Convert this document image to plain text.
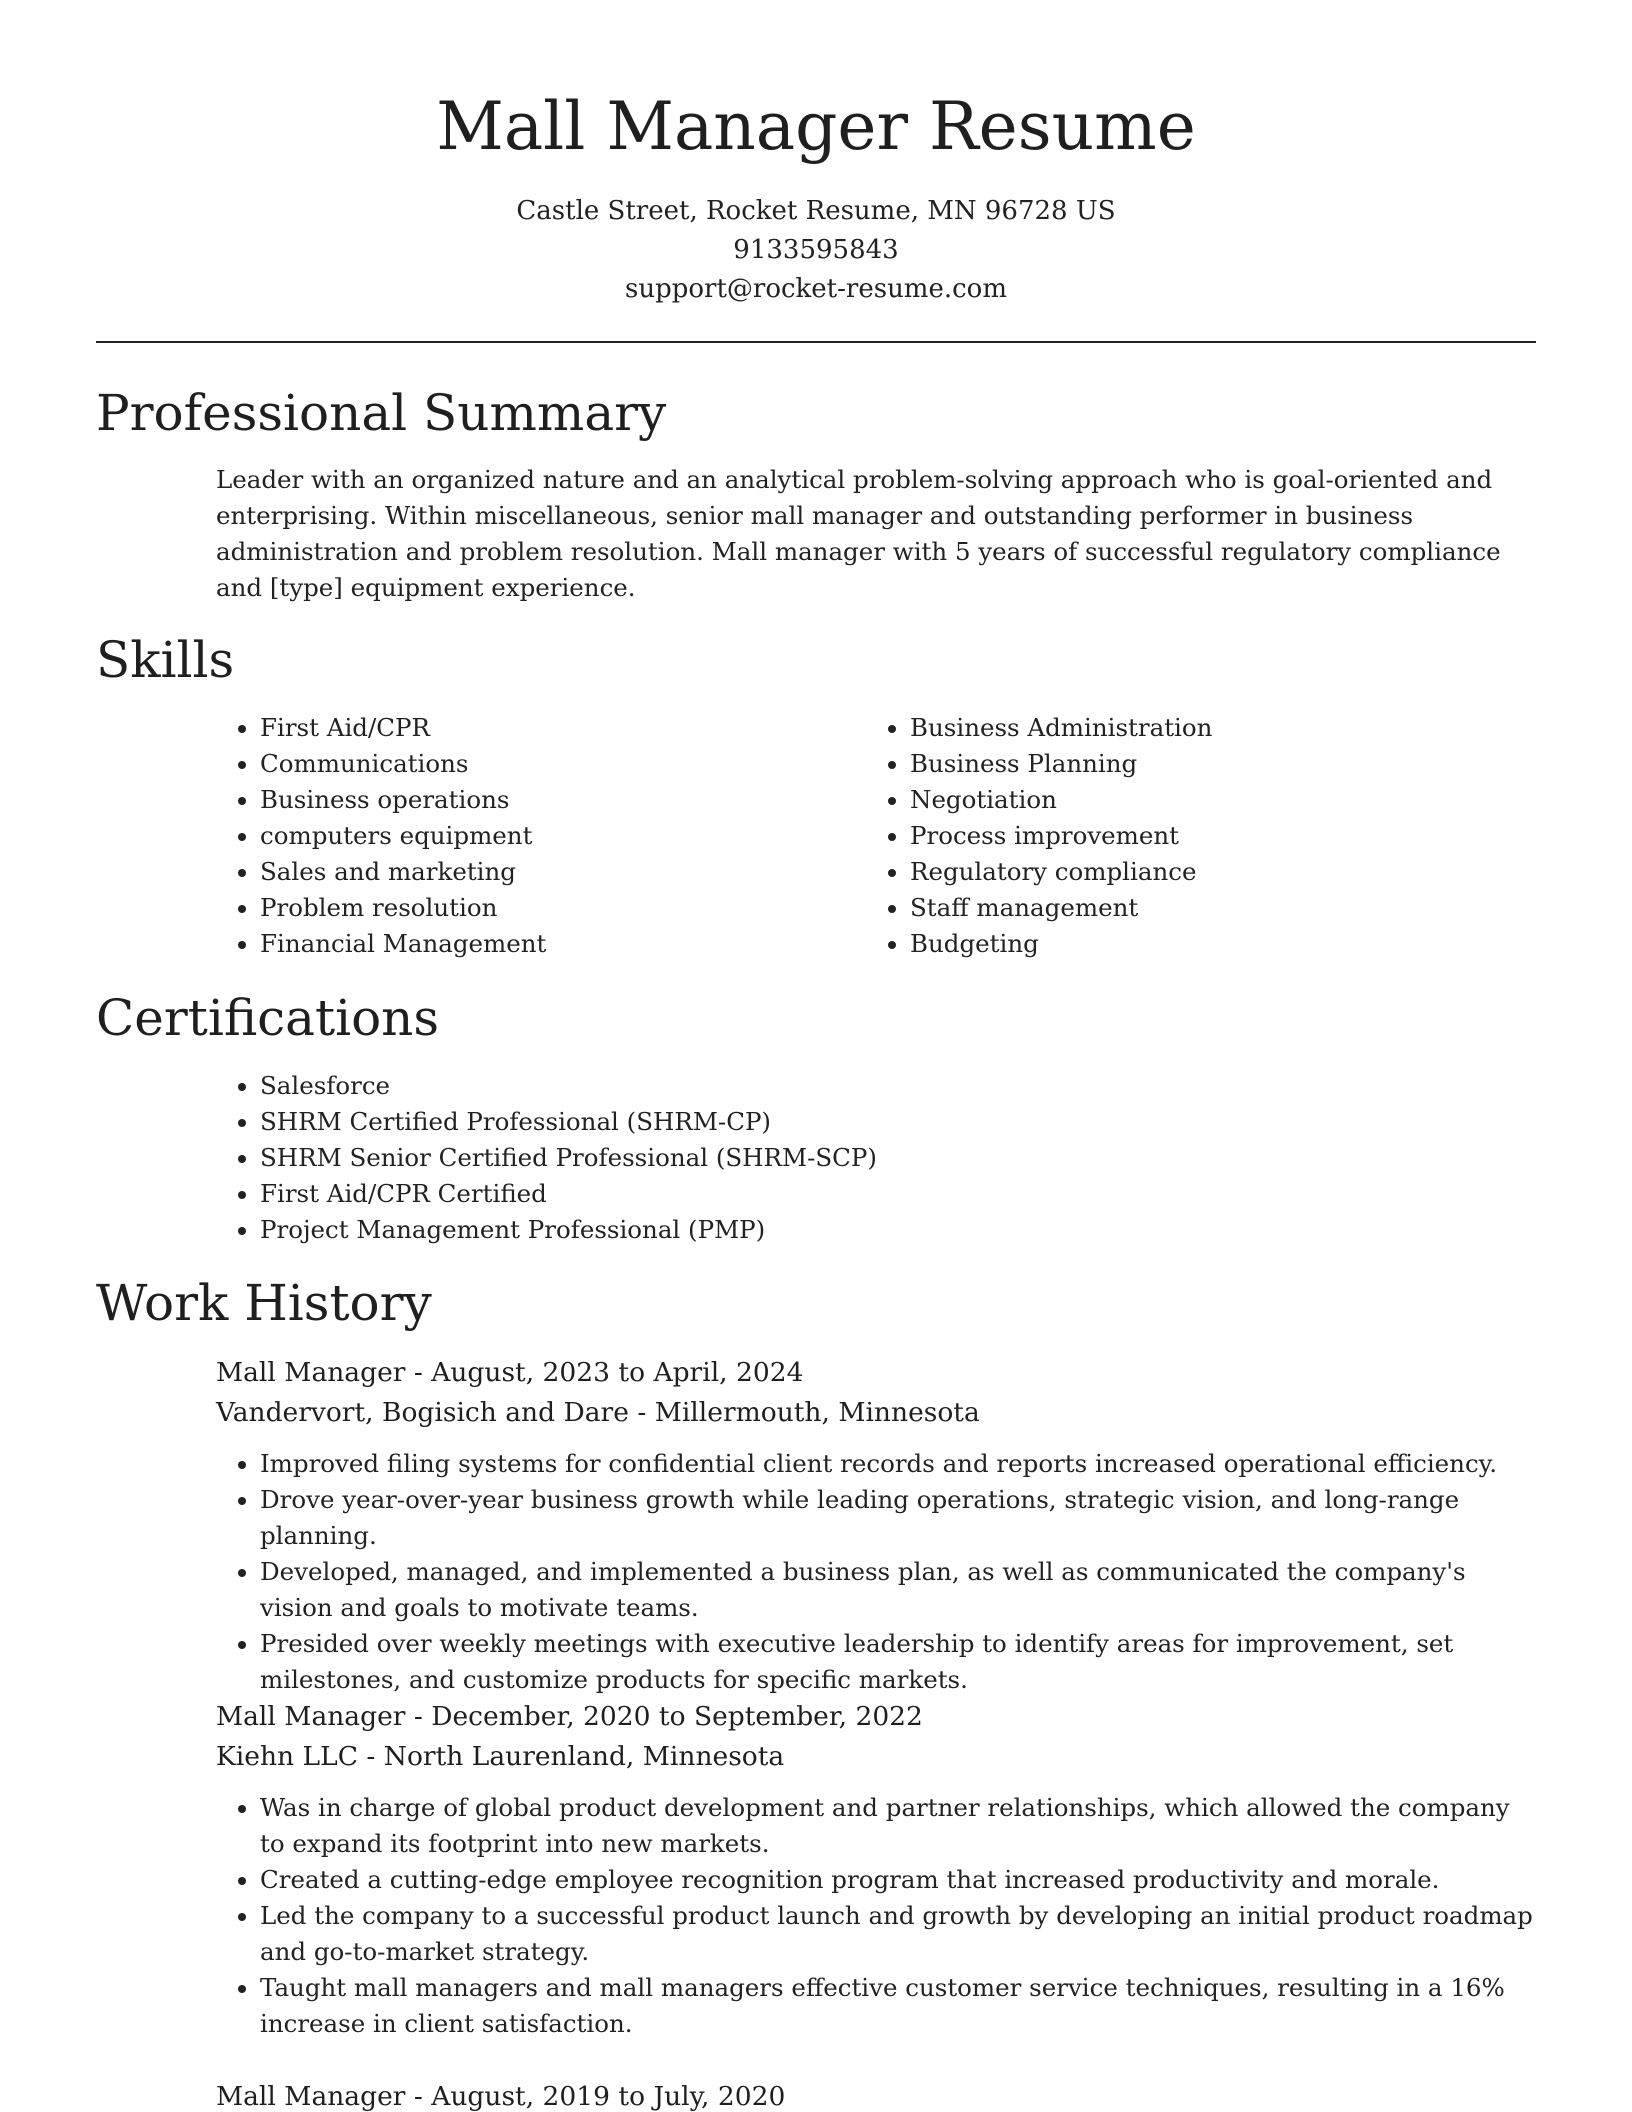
Mall Manager Resume
Castle Street, Rocket Resume, MN 96728 US
9133595843
support@rocket-resume.com
Professional Summary

Leader with an organized nature and an analytical problem-solving approach who is goal-oriented and enterprising. Within miscellaneous, senior mall manager and outstanding performer in business administration and problem resolution. Mall manager with 5 years of successful regulatory compliance and [type] equipment experience.

Skills
• First Aid/CPR
• Communications
• Business operations
• computers equipment
• Sales and marketing
• Problem resolution
• Financial Management
• Business Administration
• Business Planning
• Negotiation
• Process improvement
• Regulatory compliance
• Staff management
• Budgeting
Certifications
• Salesforce
• SHRM Certified Professional (SHRM-CP)
• SHRM Senior Certified Professional (SHRM-SCP)
• First Aid/CPR Certified
• Project Management Professional (PMP)
Work History
Mall Manager - August, 2023 to April, 2024
Vandervort, Bogisich and Dare - Millermouth, Minnesota
• Improved filing systems for confidential client records and reports increased operational efficiency.
• Drove year-over-year business growth while leading operations, strategic vision, and long-range planning.
• Developed, managed, and implemented a business plan, as well as communicated the company's vision and goals to motivate teams.
• Presided over weekly meetings with executive leadership to identify areas for improvement, set milestones, and customize products for specific markets.
Mall Manager - December, 2020 to September, 2022
Kiehn LLC - North Laurenland, Minnesota
• Was in charge of global product development and partner relationships, which allowed the company to expand its footprint into new markets.
• Created a cutting-edge employee recognition program that increased productivity and morale.
• Led the company to a successful product launch and growth by developing an initial product roadmap and go-to-market strategy.
• Taught mall managers and mall managers effective customer service techniques, resulting in a 16% increase in client satisfaction.
Mall Manager - August, 2019 to July, 2020
